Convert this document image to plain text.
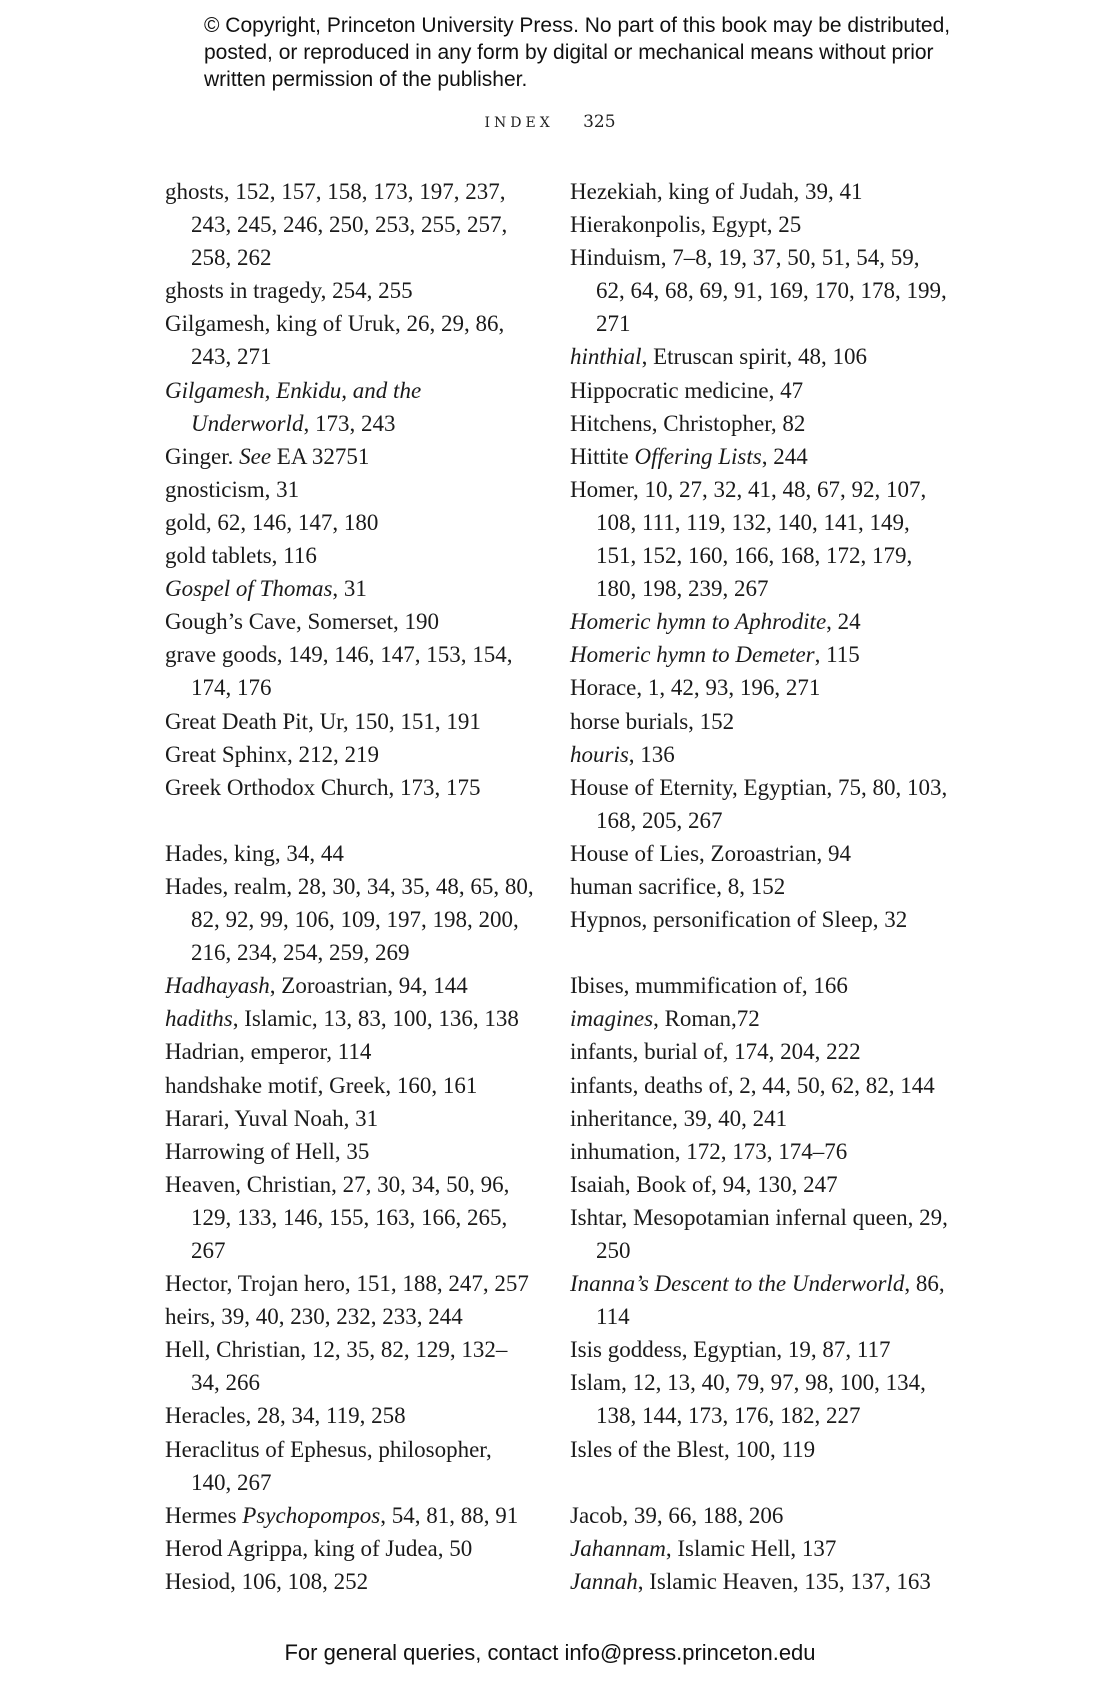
© Copyright, Princeton University Press. No part of this book may be distributed, posted, or reproduced in any form by digital or mechanical means without prior written permission of the publisher.

INDEX 325

ghosts, 152, 157, 158, 173, 197, 237, 243, 245, 246, 250, 253, 255, 257, 258, 262

ghosts in tragedy, 254, 255

Gilgamesh, king of Uruk, 26, 29, 86, 243, 271

Gilgamesh, Enkidu, and the Underworld, 173, 243

Ginger. See EA 32751

gnosticism, 31

gold, 62, 146, 147, 180

gold tablets, 116

Gospel of Thomas, 31

Gough’s Cave, Somerset, 190

grave goods, 149, 146, 147, 153, 154, 174, 176

Great Death Pit, Ur, 150, 151, 191

Great Sphinx, 212, 219

Greek Orthodox Church, 173, 175

Hades, king, 34, 44

Hades, realm, 28, 30, 34, 35, 48, 65, 80, 82, 92, 99, 106, 109, 197, 198, 200, 216, 234, 254, 259, 269

Hadhayash, Zoroastrian, 94, 144

hadiths, Islamic, 13, 83, 100, 136, 138

Hadrian, emperor, 114

handshake motif, Greek, 160, 161

Harari, Yuval Noah, 31

Harrowing of Hell, 35

Heaven, Christian, 27, 30, 34, 50, 96, 129, 133, 146, 155, 163, 166, 265, 267

Hector, Trojan hero, 151, 188, 247, 257

heirs, 39, 40, 230, 232, 233, 244

Hell, Christian, 12, 35, 82, 129, 132–34, 266

Heracles, 28, 34, 119, 258

Heraclitus of Ephesus, philosopher, 140, 267

Hermes Psychopompos, 54, 81, 88, 91

Herod Agrippa, king of Judea, 50

Hesiod, 106, 108, 252

Hezekiah, king of Judah, 39, 41

Hierakonpolis, Egypt, 25

Hinduism, 7–8, 19, 37, 50, 51, 54, 59, 62, 64, 68, 69, 91, 169, 170, 178, 199, 271

hinthial, Etruscan spirit, 48, 106

Hippocratic medicine, 47

Hitchens, Christopher, 82

Hittite Offering Lists, 244

Homer, 10, 27, 32, 41, 48, 67, 92, 107, 108, 111, 119, 132, 140, 141, 149, 151, 152, 160, 166, 168, 172, 179, 180, 198, 239, 267

Homeric hymn to Aphrodite, 24

Homeric hymn to Demeter, 115

Horace, 1, 42, 93, 196, 271

horse burials, 152

houris, 136

House of Eternity, Egyptian, 75, 80, 103, 168, 205, 267

House of Lies, Zoroastrian, 94

human sacrifice, 8, 152

Hypnos, personification of Sleep, 32

Ibises, mummification of, 166

imagines, Roman,72

infants, burial of, 174, 204, 222

infants, deaths of, 2, 44, 50, 62, 82, 144

inheritance, 39, 40, 241

inhumation, 172, 173, 174–76

Isaiah, Book of, 94, 130, 247

Ishtar, Mesopotamian infernal queen, 29, 250

Inanna’s Descent to the Underworld, 86, 114

Isis goddess, Egyptian, 19, 87, 117

Islam, 12, 13, 40, 79, 97, 98, 100, 134, 138, 144, 173, 176, 182, 227

Isles of the Blest, 100, 119

Jacob, 39, 66, 188, 206

Jahannam, Islamic Hell, 137

Jannah, Islamic Heaven, 135, 137, 163

For general queries, contact info@press.princeton.edu
